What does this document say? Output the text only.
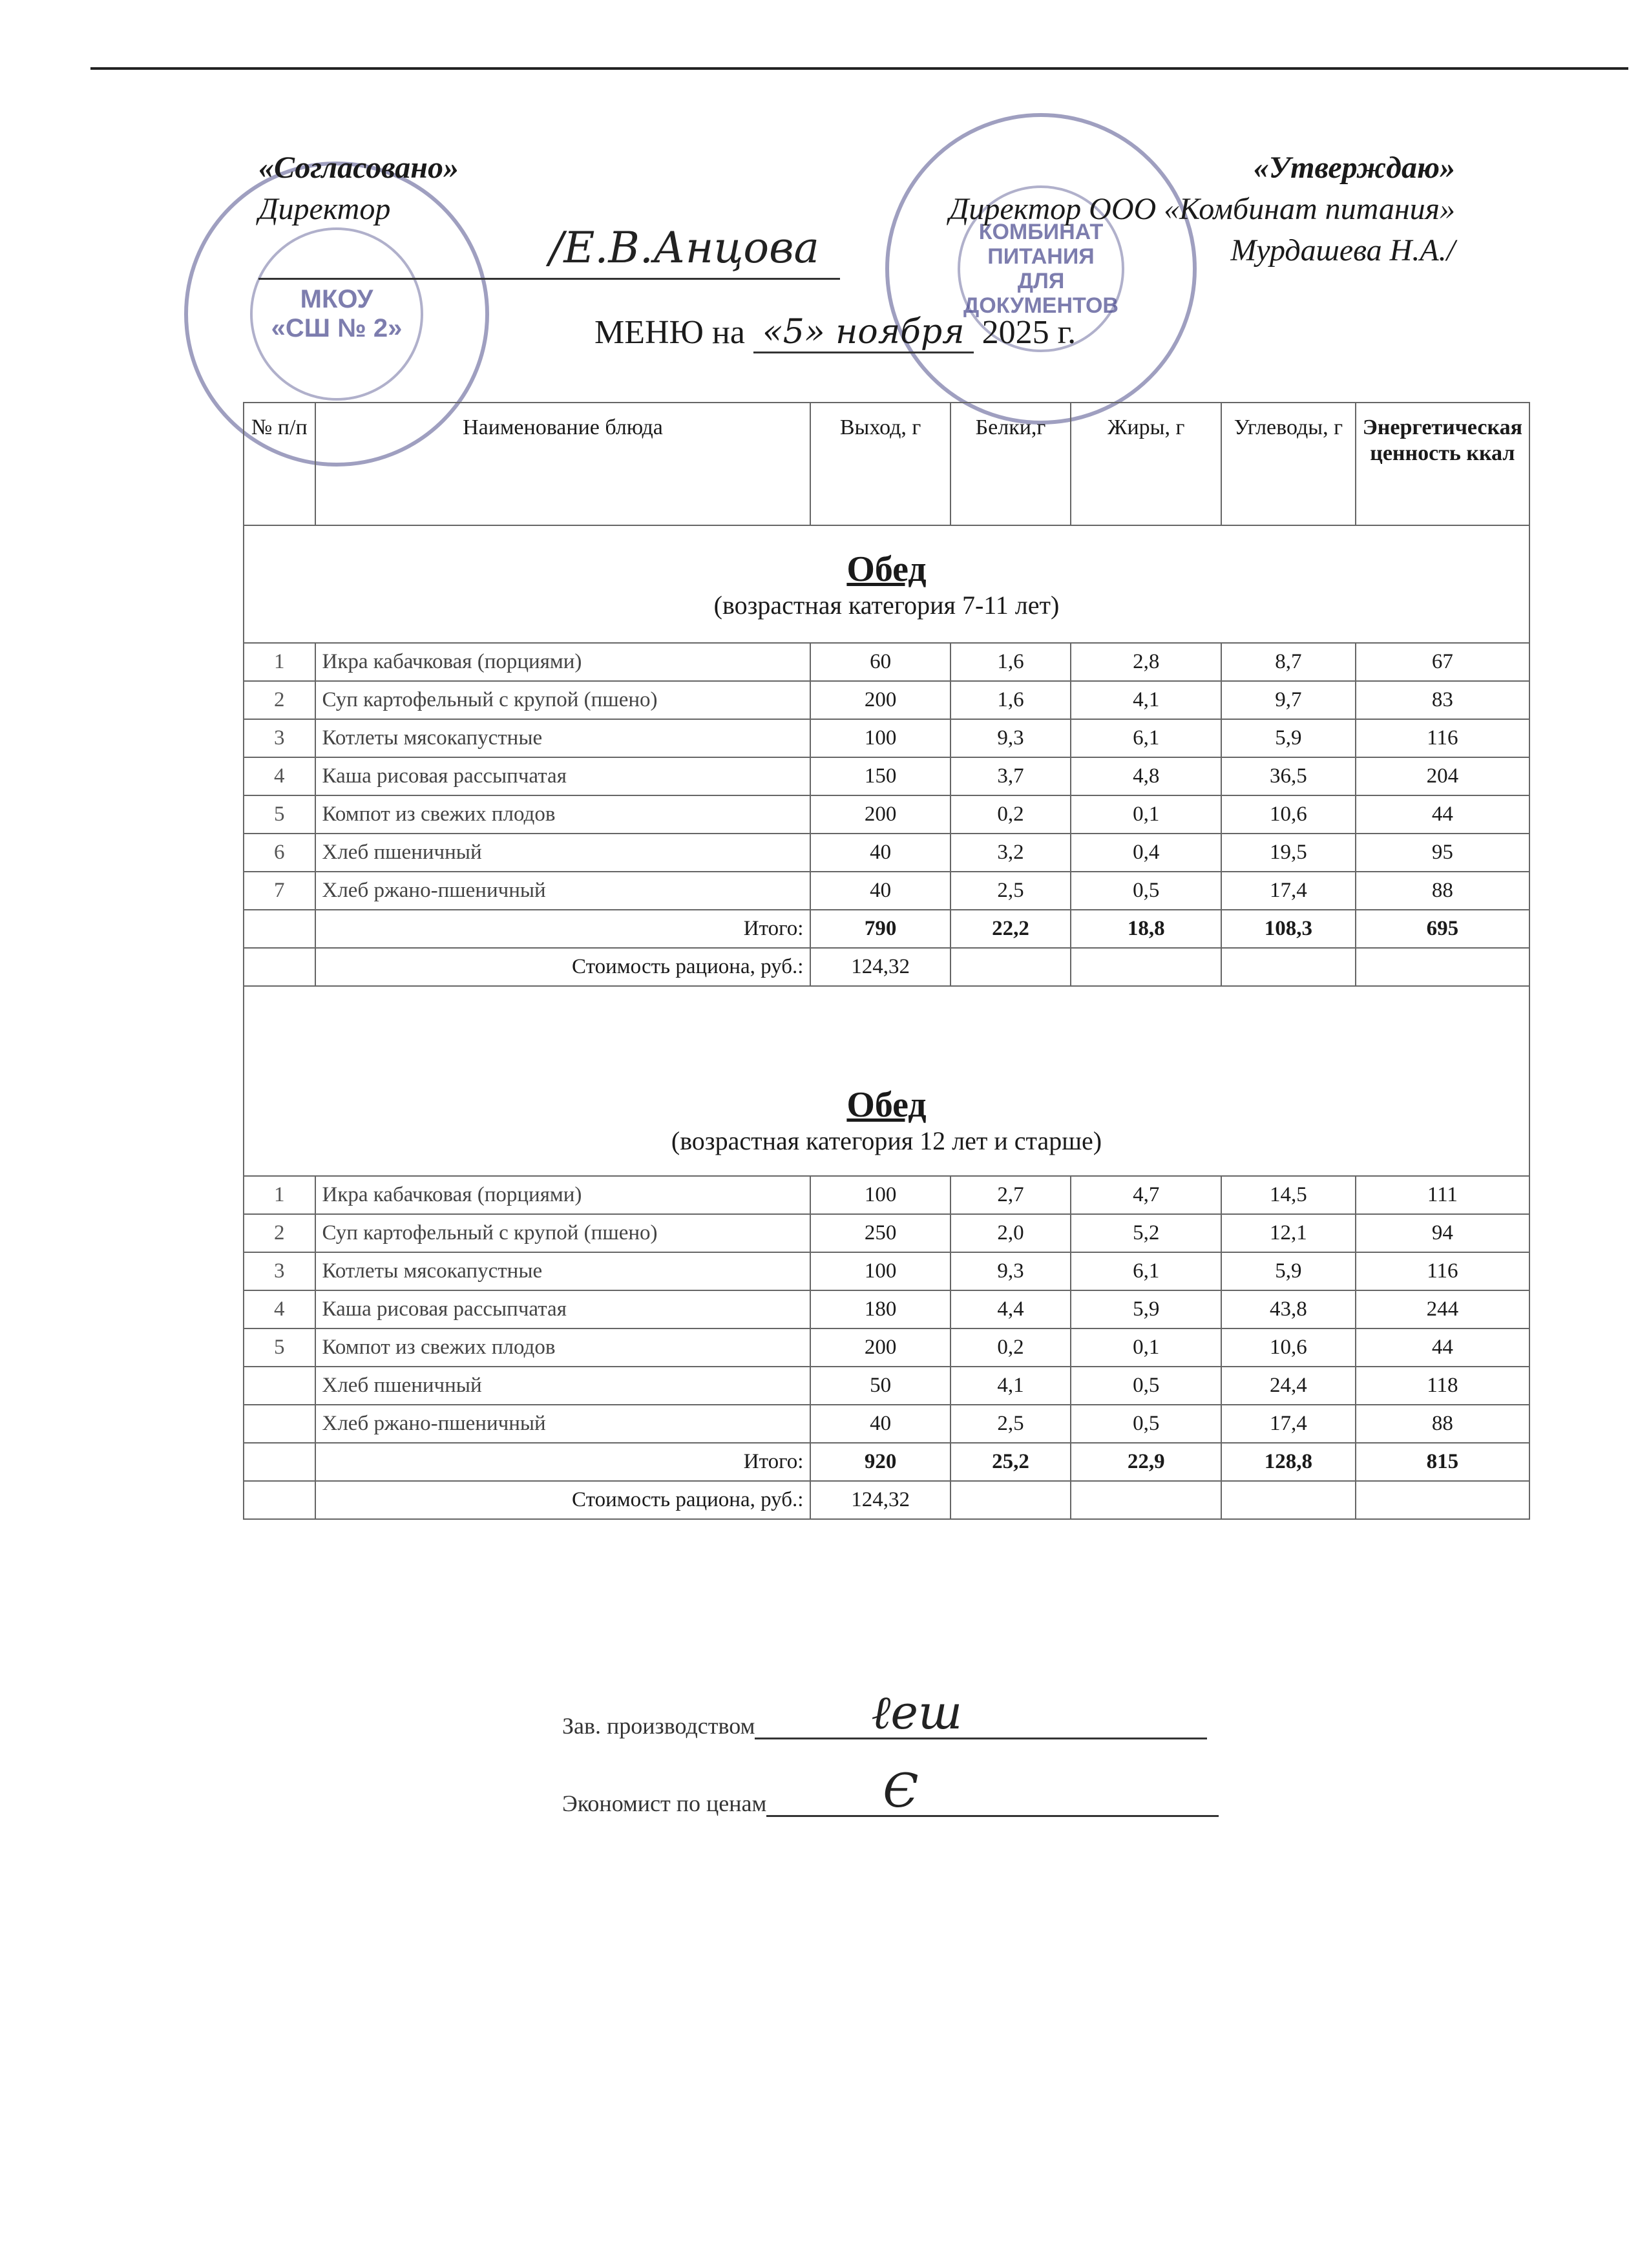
МКОУ
«СШ № 2»
КОМБИНАТ
ПИТАНИЯ
ДЛЯ
ДОКУМЕНТОВ
«Согласовано»
Директор
/Е.В.Анцова
«Утверждаю»
Директор ООО «Комбинат питания»
Мурдашева Н.А./
МЕНЮ на «5» ноября 2025 г.
№ п/п	Наименование блюда	Выход, г	Белки,г	Жиры, г	Углеводы, г	Энергетическая ценность ккал

Обед
(возрастная категория 7-11 лет)						

1	Икра кабачковая (порциями)	60	1,6	2,8	8,7	67
2	Суп картофельный с крупой (пшено)	200	1,6	4,1	9,7	83
3	Котлеты мясокапустные	100	9,3	6,1	5,9	116
4	Каша рисовая рассыпчатая	150	3,7	4,8	36,5	204
5	Компот из свежих плодов	200	0,2	0,1	10,6	44
6	Хлеб пшеничный	40	3,2	0,4	19,5	95
7	Хлеб ржано-пшеничный	40	2,5	0,5	17,4	88
	Итого:	790	22,2	18,8	108,3	695
	Стоимость рациона, руб.:	124,32				

Обед
(возрастная категория 12 лет и старше)						

1	Икра кабачковая (порциями)	100	2,7	4,7	14,5	111
2	Суп картофельный с крупой (пшено)	250	2,0	5,2	12,1	94
3	Котлеты мясокапустные	100	9,3	6,1	5,9	116
4	Каша рисовая рассыпчатая	180	4,4	5,9	43,8	244
5	Компот из свежих плодов	200	0,2	0,1	10,6	44
	Хлеб пшеничный	50	4,1	0,5	24,4	118
	Хлеб ржано-пшеничный	40	2,5	0,5	17,4	88
	Итого:	920	25,2	22,9	128,8	815
	Стоимость рациона, руб.:	124,32				
Зав. производством	ℓеш
Экономист по ценам	Є
